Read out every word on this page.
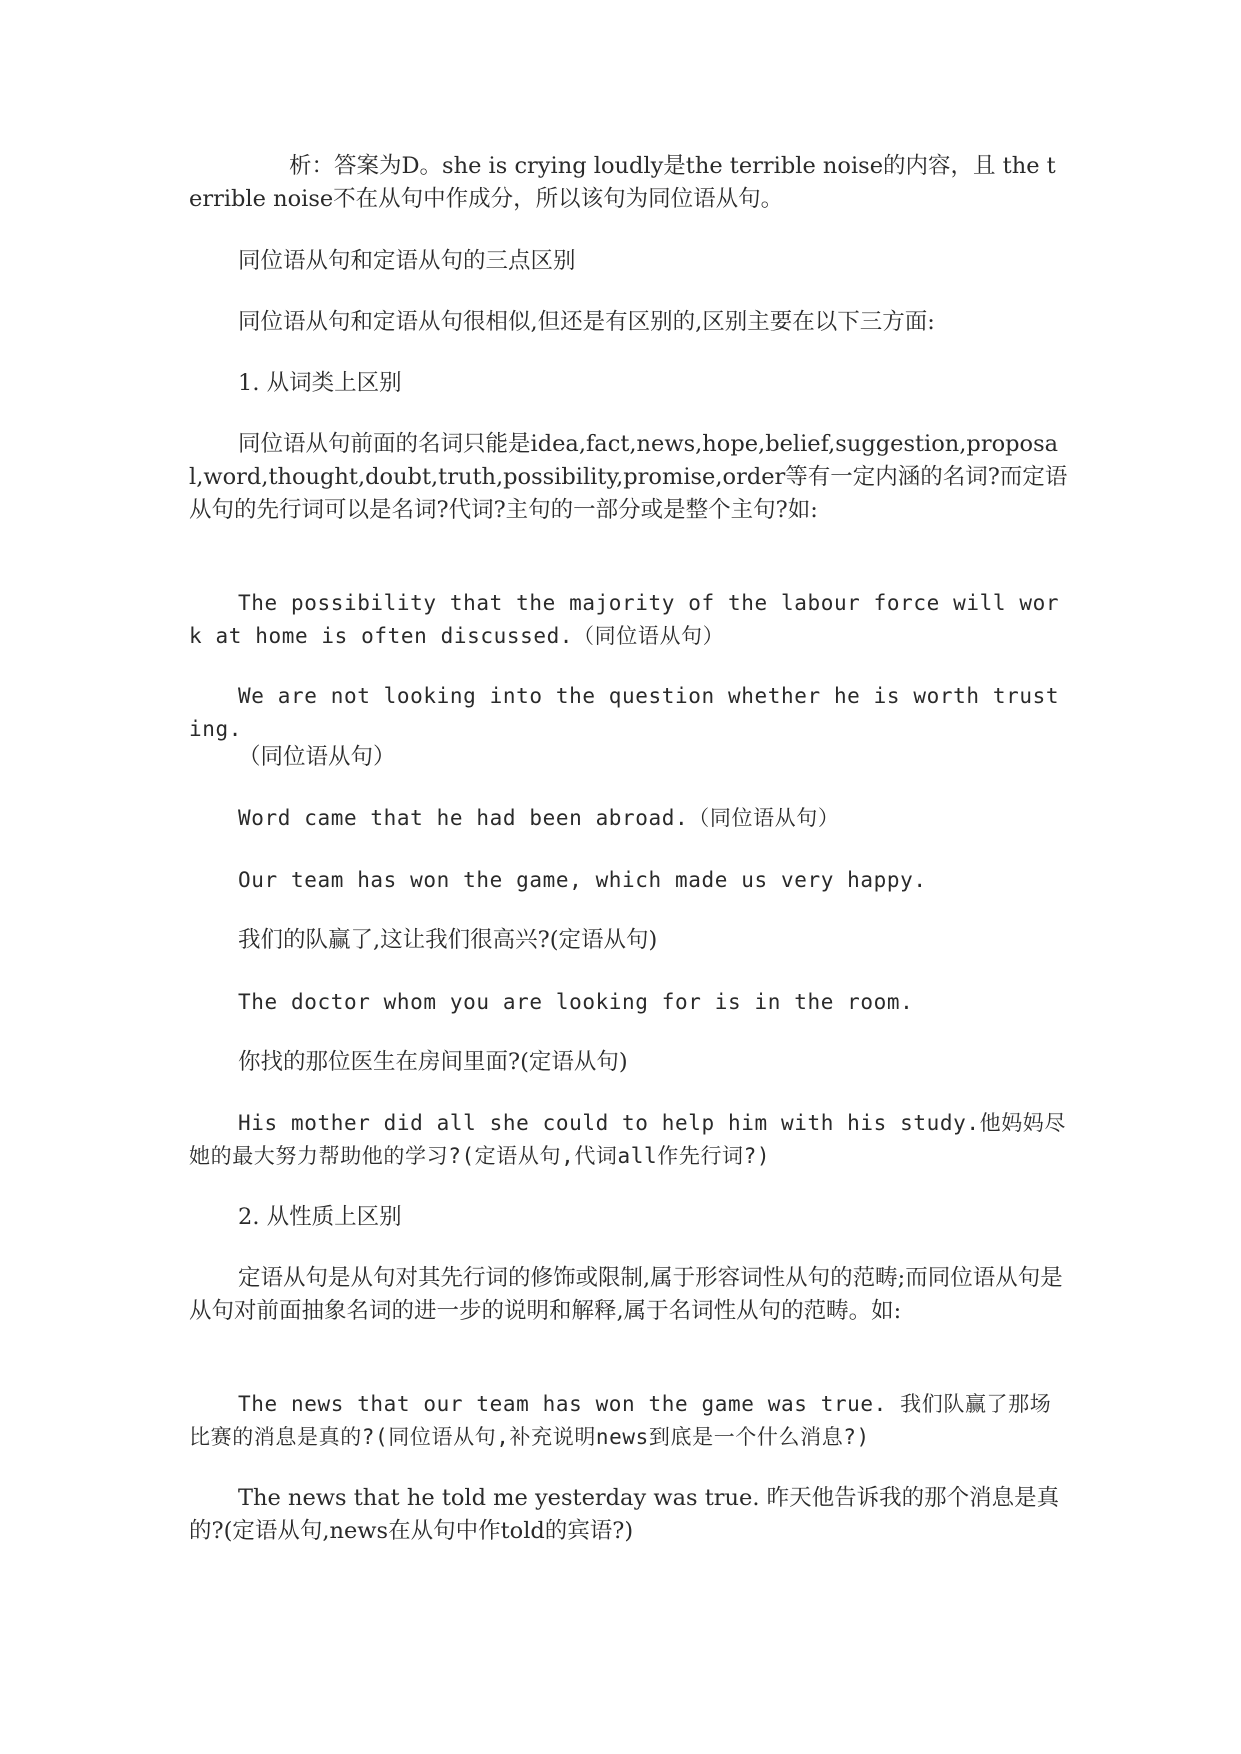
析：答案为D。she is crying loudly是the terrible noise的内容，且 the terrible noise不在从句中作成分，所以该句为同位语从句。

同位语从句和定语从句的三点区别

同位语从句和定语从句很相似,但还是有区别的,区别主要在以下三方面:

1. 从词类上区别

同位语从句前面的名词只能是idea,fact,news,hope,belief,suggestion,proposal,word,thought,doubt,truth,possibility,promise,order等有一定内涵的名词?而定语从句的先行词可以是名词?代词?主句的一部分或是整个主句?如:

The possibility that the majority of the labour force will work at home is often discussed.（同位语从句）

We are not looking into the question whether he is worth trusting.

（同位语从句）

Word came that he had been abroad.（同位语从句）

Our team has won the game, which made us very happy.

我们的队赢了,这让我们很高兴?(定语从句)

The doctor whom you are looking for is in the room.

你找的那位医生在房间里面?(定语从句)

His mother did all she could to help him with his study.他妈妈尽她的最大努力帮助他的学习?(定语从句,代词all作先行词?)

2. 从性质上区别

定语从句是从句对其先行词的修饰或限制,属于形容词性从句的范畴;而同位语从句是从句对前面抽象名词的进一步的说明和解释,属于名词性从句的范畴。如:

The news that our team has won the game was true. 我们队赢了那场比赛的消息是真的?(同位语从句,补充说明news到底是一个什么消息?)

The news that he told me yesterday was true. 昨天他告诉我的那个消息是真的?(定语从句,news在从句中作told的宾语?)
